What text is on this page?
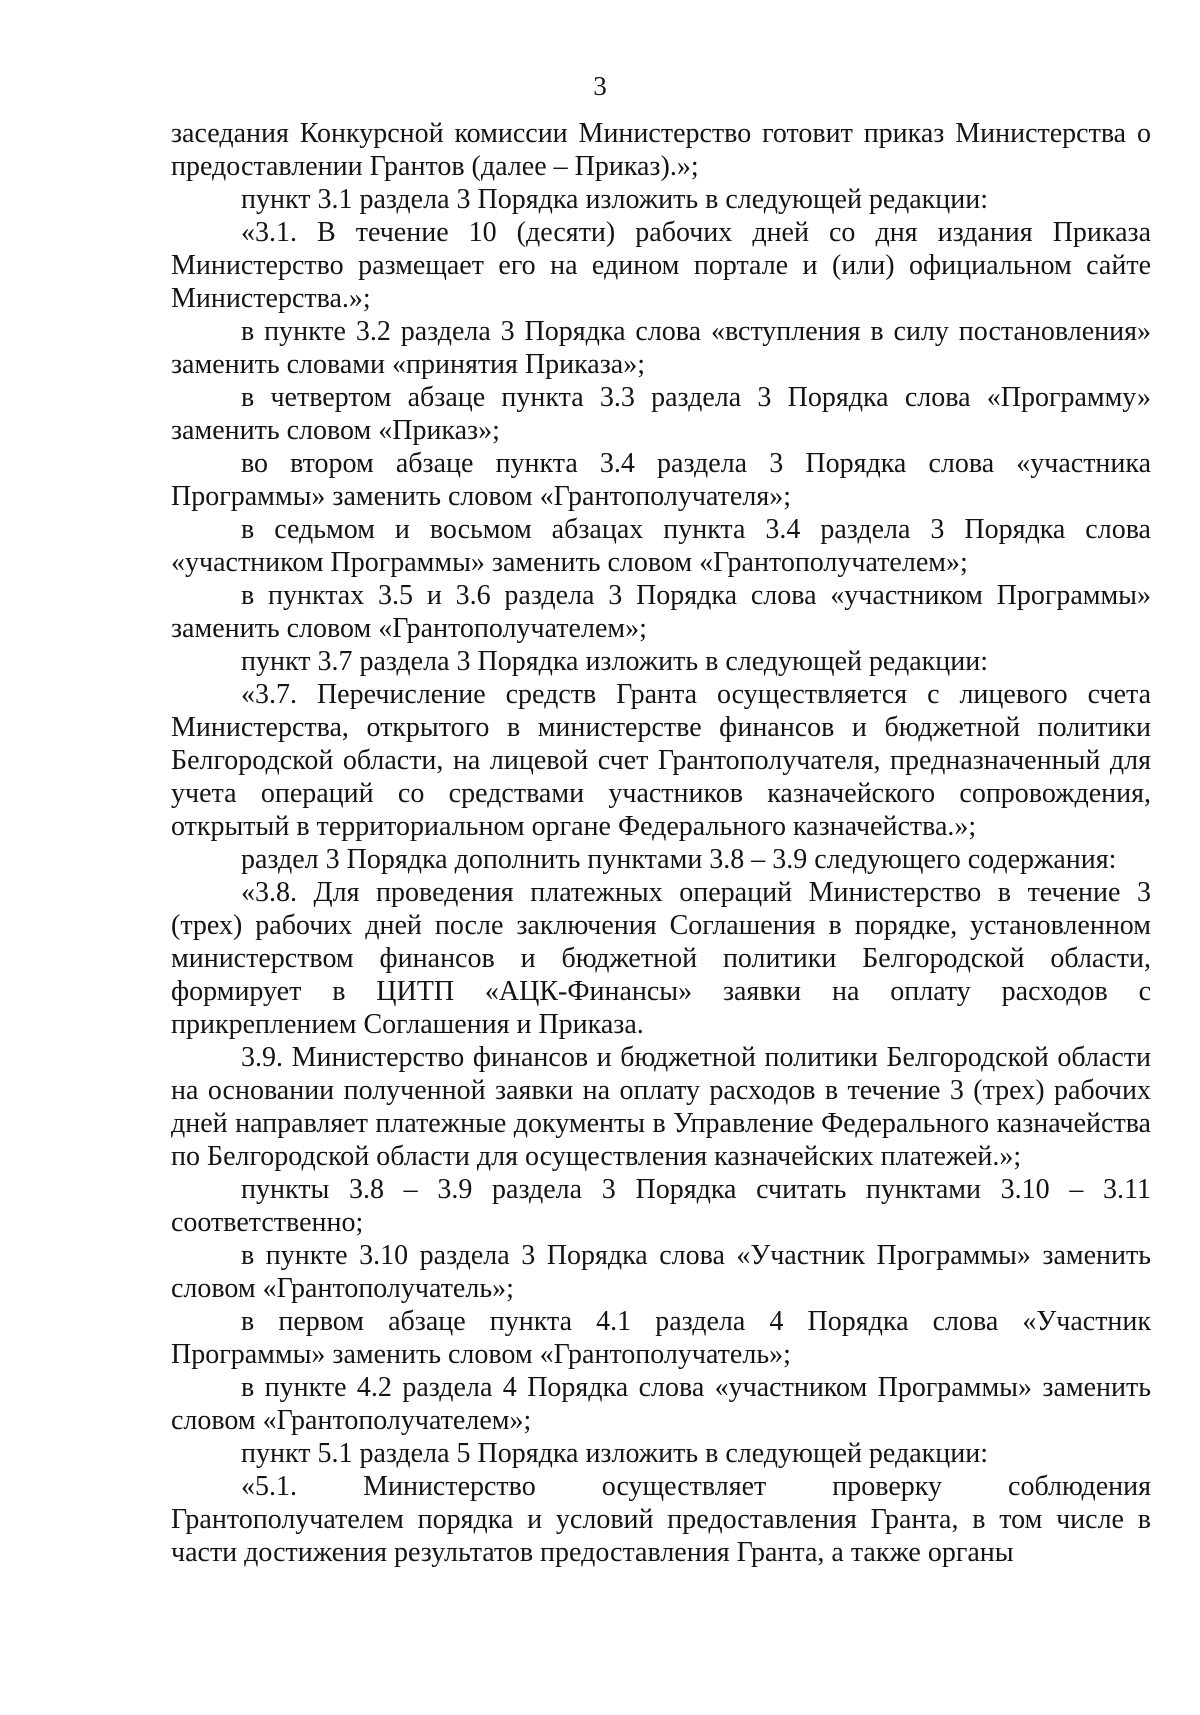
3

заседания Конкурсной комиссии Министерство готовит приказ Министерства о предоставлении Грантов (далее – Приказ).»;

пункт 3.1 раздела 3 Порядка изложить в следующей редакции:

«3.1. В течение 10 (десяти) рабочих дней со дня издания Приказа Министерство размещает его на едином портале и (или) официальном сайте Министерства.»;

в пункте 3.2 раздела 3 Порядка слова «вступления в силу постановления» заменить словами «принятия Приказа»;

в четвертом абзаце пункта 3.3 раздела 3 Порядка слова «Программу» заменить словом «Приказ»;

во втором абзаце пункта 3.4 раздела 3 Порядка слова «участника Программы» заменить словом «Грантополучателя»;

в седьмом и восьмом абзацах пункта 3.4 раздела 3 Порядка слова «участником Программы» заменить словом «Грантополучателем»;

в пунктах 3.5 и 3.6 раздела 3 Порядка слова «участником Программы» заменить словом «Грантополучателем»;

пункт 3.7 раздела 3 Порядка изложить в следующей редакции:

«3.7. Перечисление средств Гранта осуществляется с лицевого счета Министерства, открытого в министерстве финансов и бюджетной политики Белгородской области, на лицевой счет Грантополучателя, предназначенный для учета операций со средствами участников казначейского сопровождения, открытый в территориальном органе Федерального казначейства.»;

раздел 3 Порядка дополнить пунктами 3.8 – 3.9 следующего содержания:

«3.8. Для проведения платежных операций Министерство в течение 3 (трех) рабочих дней после заключения Соглашения в порядке, установленном министерством финансов и бюджетной политики Белгородской области, формирует в ЦИТП «АЦК-Финансы» заявки на оплату расходов с прикреплением Соглашения и Приказа.

3.9. Министерство финансов и бюджетной политики Белгородской области на основании полученной заявки на оплату расходов в течение 3 (трех) рабочих дней направляет платежные документы в Управление Федерального казначейства по Белгородской области для осуществления казначейских платежей.»;

пункты 3.8 – 3.9 раздела 3 Порядка считать пунктами 3.10 – 3.11 соответственно;

в пункте 3.10 раздела 3 Порядка слова «Участник Программы» заменить словом «Грантополучатель»;

в первом абзаце пункта 4.1 раздела 4 Порядка слова «Участник Программы» заменить словом «Грантополучатель»;

в пункте 4.2 раздела 4 Порядка слова «участником Программы» заменить словом «Грантополучателем»;

пункт 5.1 раздела 5 Порядка изложить в следующей редакции:

«5.1. Министерство осуществляет проверку соблюдения Грантополучателем порядка и условий предоставления Гранта, в том числе в части достижения результатов предоставления Гранта, а также органы
